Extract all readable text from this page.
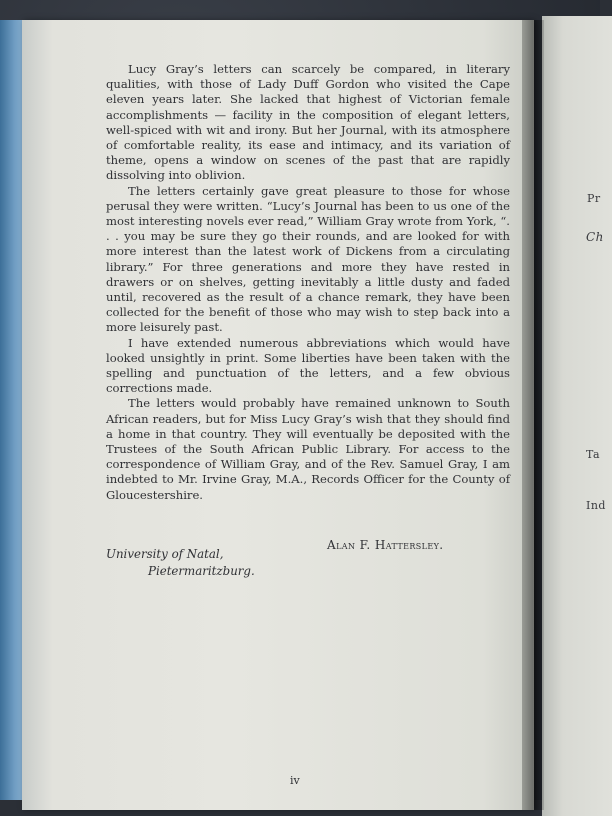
Pr
Ch
Ta
Ind

Lucy Gray’s letters can scarcely be compared, in literary qualities, with those of Lady Duff Gordon who visited the Cape eleven years later. She lacked that highest of Victorian female accomplishments — facility in the composition of elegant letters, well-spiced with wit and irony. But her Journal, with its atmosphere of comfortable reality, its ease and intimacy, and its variation of theme, opens a window on scenes of the past that are rapidly dissolving into oblivion.

The letters certainly gave great pleasure to those for whose perusal they were written. “Lucy’s Journal has been to us one of the most interesting novels ever read,” William Gray wrote from York, “. . . you may be sure they go their rounds, and are looked for with more interest than the latest work of Dickens from a circulating library.” For three generations and more they have rested in drawers or on shelves, getting inevitably a little dusty and faded until, recovered as the result of a chance remark, they have been collected for the benefit of those who may wish to step back into a more leisurely past.

I have extended numerous abbreviations which would have looked unsightly in print. Some liberties have been taken with the spelling and punctuation of the letters, and a few obvious corrections made.

The letters would probably have remained unknown to South African readers, but for Miss Lucy Gray’s wish that they should find a home in that country. They will eventually be deposited with the Trustees of the South African Public Library. For access to the correspondence of William Gray, and of the Rev. Samuel Gray, I am indebted to Mr. Irvine Gray, M.A., Records Officer for the County of Gloucestershire.

University of Natal,
Pietermaritzburg.
Alan F. Hattersley.
iv
